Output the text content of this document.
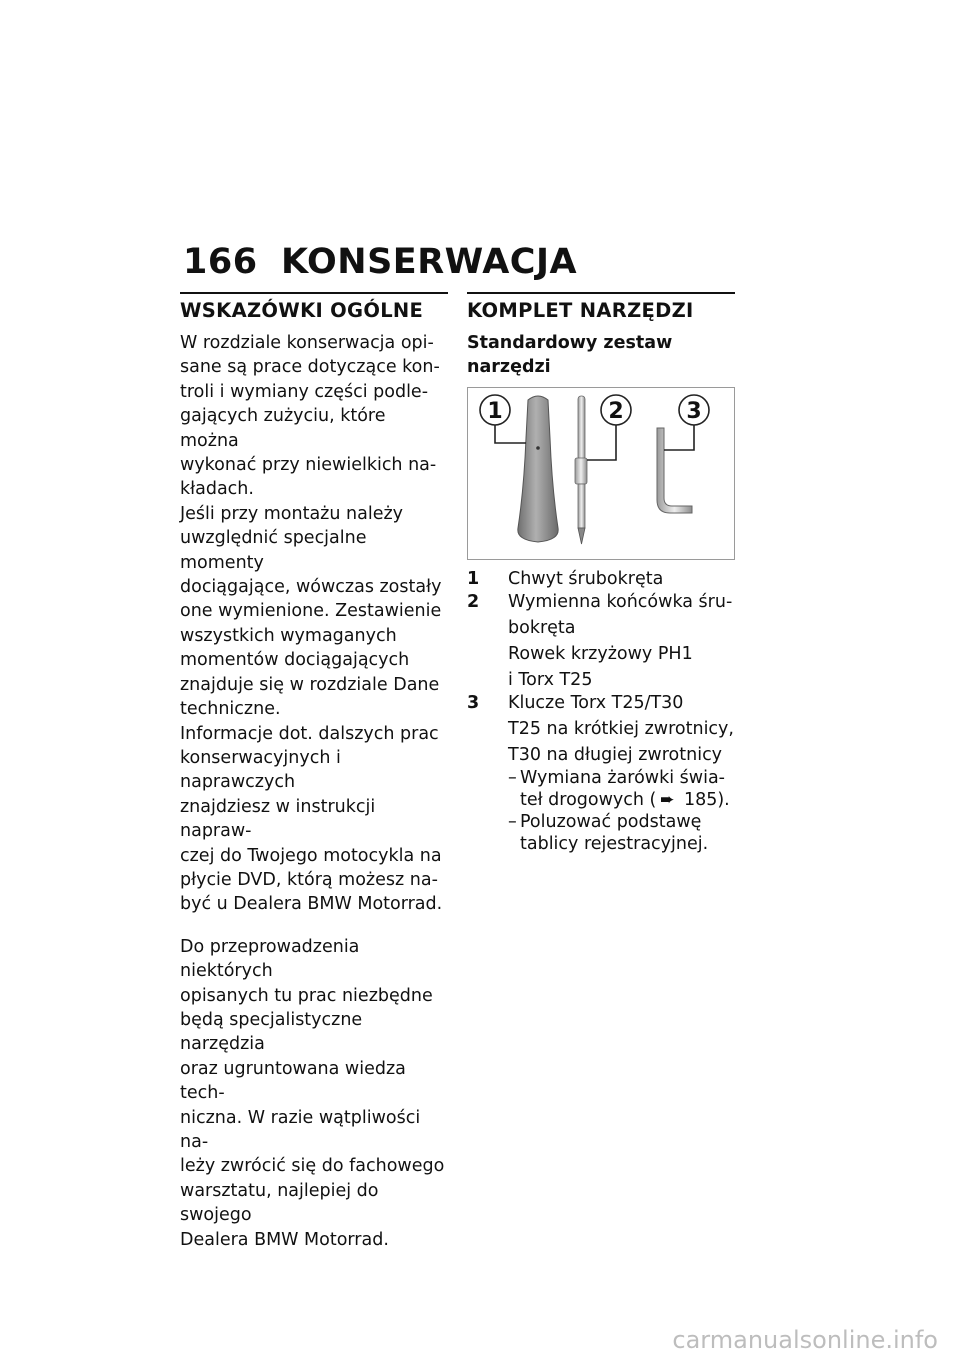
166 KONSERWACJA
WSKAZÓWKI OGÓLNE

W rozdziale konserwacja opi-
sane są prace dotyczące kon-
troli i wymiany części podle-
gających zużyciu, które można
wykonać przy niewielkich na-
kładach.
Jeśli przy montażu należy
uwzględnić specjalne momenty
dociągające, wówczas zostały
one wymienione. Zestawienie
wszystkich wymaganych
momentów dociągających
znajduje się w rozdziale Dane
techniczne.
Informacje dot. dalszych prac
konserwacyjnych i naprawczych
znajdziesz w instrukcji napraw-
czej do Twojego motocykla na
płycie DVD, którą możesz na-
być u Dealera BMW Motorrad.

Do przeprowadzenia niektórych
opisanych tu prac niezbędne
będą specjalistyczne narzędzia
oraz ugruntowana wiedza tech-
niczna. W razie wątpliwości na-
leży zwrócić się do fachowego
warsztatu, najlepiej do swojego
Dealera BMW Motorrad.

KOMPLET NARZĘDZI
Standardowy zestaw narzędzi
1	2	3
1	Chwyt śrubokręta
2	Wymienna końcówka śru-
bokręta
Rowek krzyżowy PH1
i Torx T25
3	Klucze Torx T25/T30
T25 na krótkiej zwrotnicy,
T30 na długiej zwrotnicy
– Wymiana żarówki świa-
teł drogowych ( ➨ 185).
– Poluzować podstawę
tablicy rejestracyjnej.
carmanualsonline.info
